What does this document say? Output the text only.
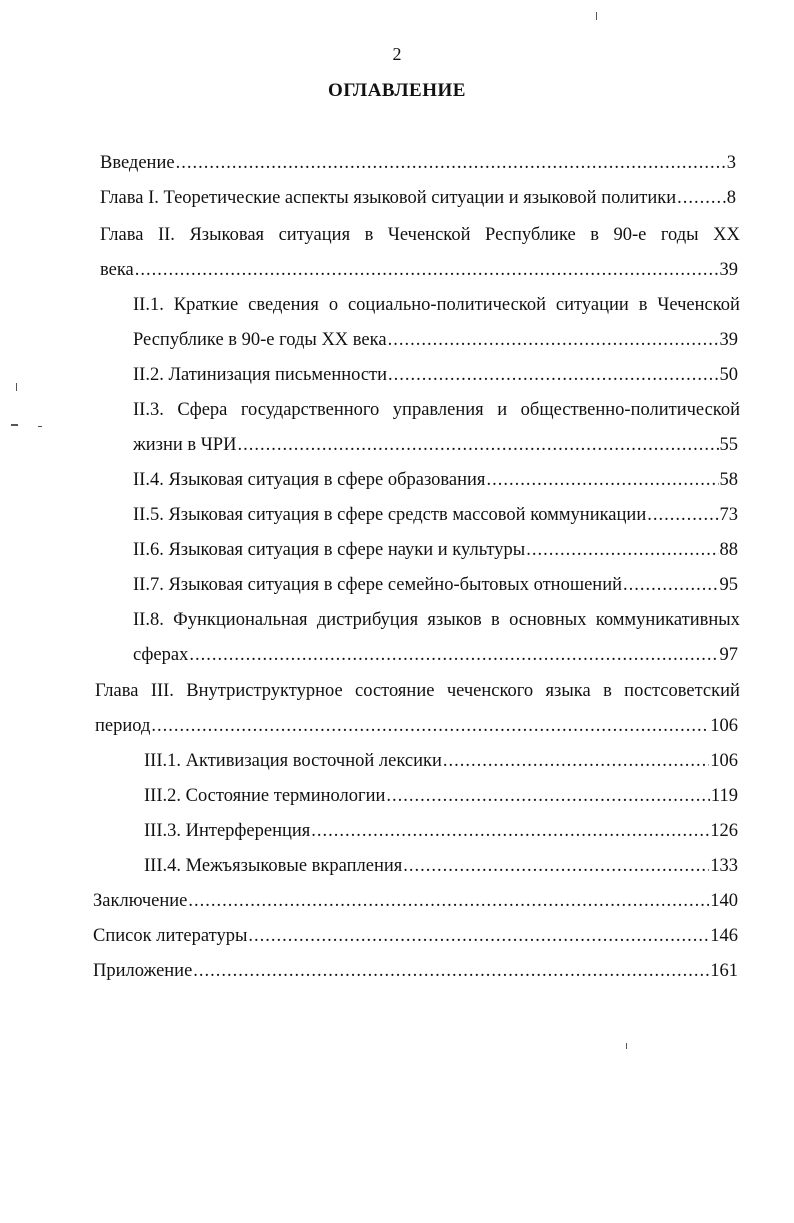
2
ОГЛАВЛЕНИЕ
Введение .....	3
Глава I. Теоретические аспекты языковой ситуации и языковой политики .....	8
Глава II. Языковая ситуация в Чеченской Республике в 90-е годы XX
века .....	39
II.1. Краткие сведения о социально-политической ситуации в Чеченской
Республике в 90-е годы XX века .....	39
II.2. Латинизация письменности .....	50
II.3. Сфера государственного управления и общественно-политической
жизни в ЧРИ .....	55
II.4. Языковая ситуация в сфере образования .....	58
II.5. Языковая ситуация в сфере средств массовой коммуникации .....	73
II.6. Языковая ситуация в сфере науки и культуры .....	88
II.7. Языковая ситуация в сфере семейно-бытовых отношений .....	95
II.8. Функциональная дистрибуция языков в основных коммуникативных
сферах .....	97
Глава III. Внутриструктурное состояние чеченского языка в постсоветский
период .....	106
III.1. Активизация восточной лексики .....	106
III.2. Состояние терминологии .....	119
III.3. Интерференция .....	126
III.4. Межъязыковые вкрапления .....	133
Заключение .....	140
Список литературы .....	146
Приложение .....	161
